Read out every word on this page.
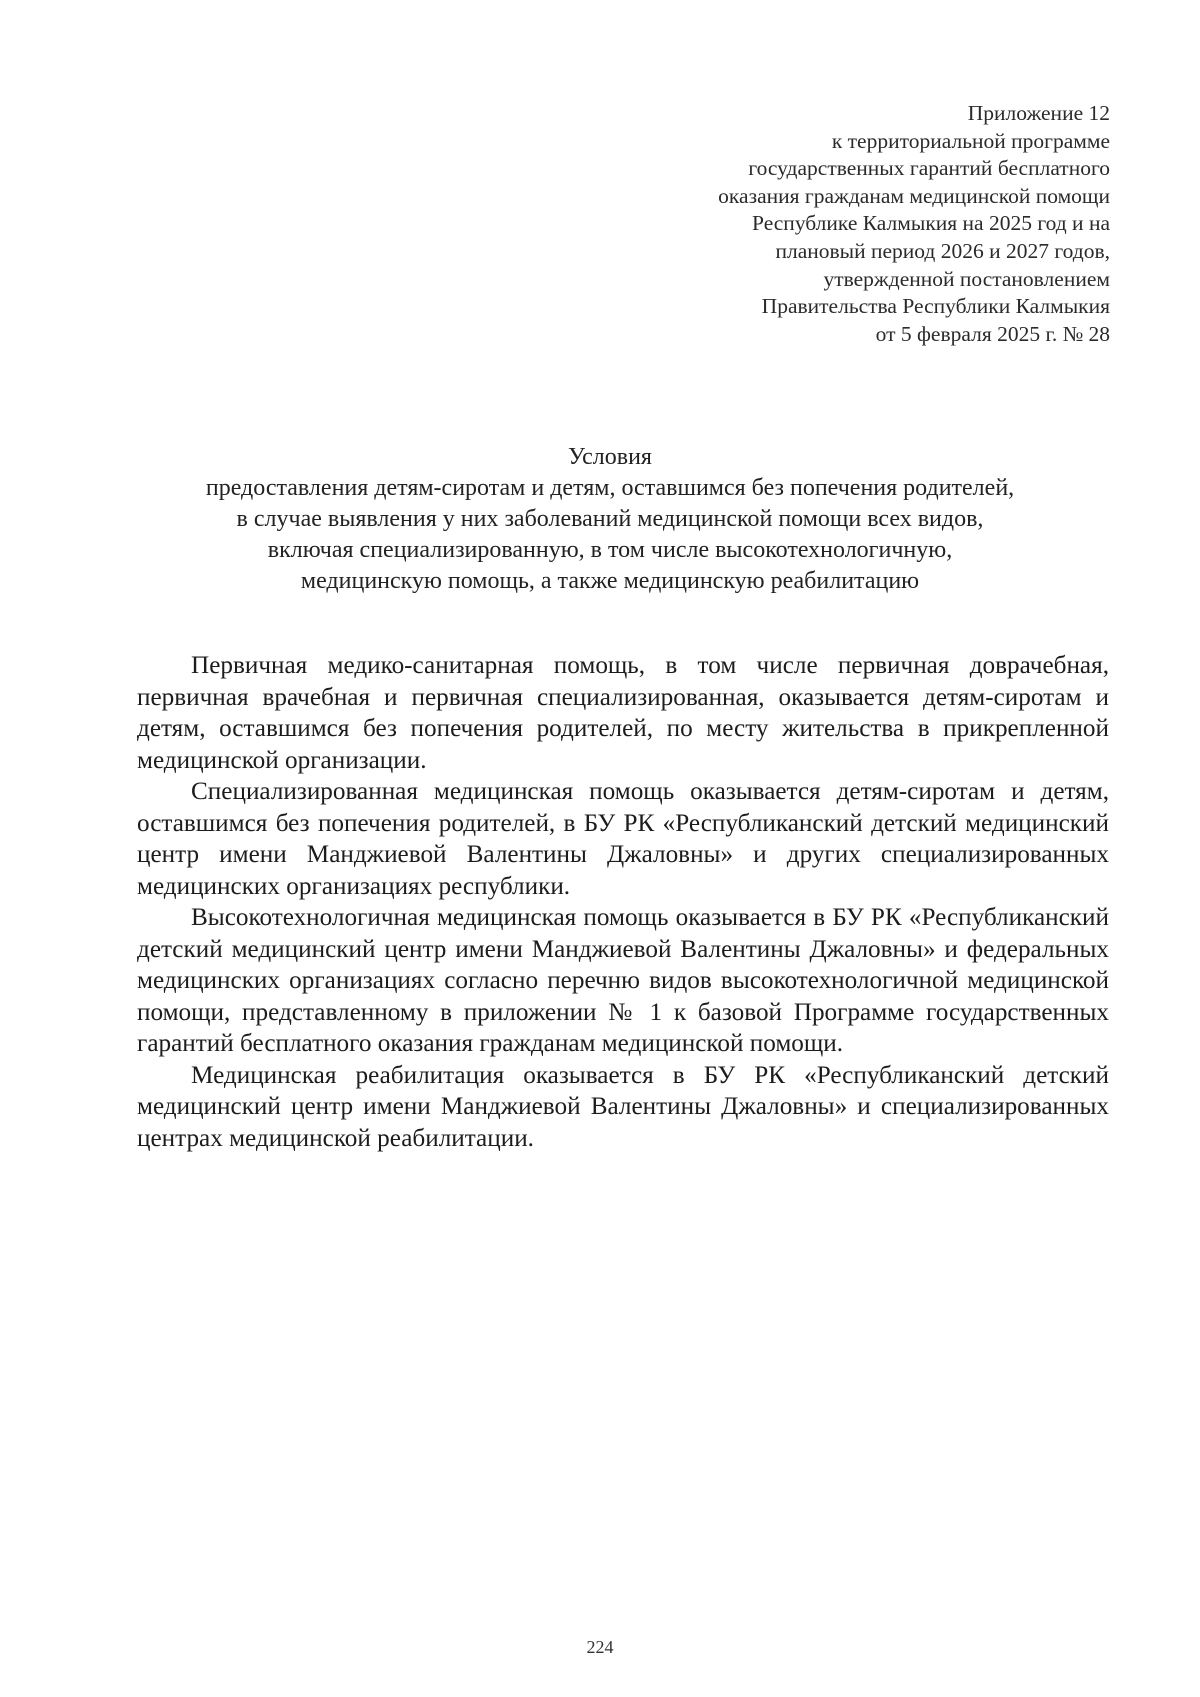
Приложение 12
к территориальной программе
государственных гарантий бесплатного
оказания гражданам медицинской помощи
Республике Калмыкия на 2025 год и на
плановый период 2026 и 2027 годов,
утвержденной постановлением
Правительства Республики Калмыкия
от 5 февраля 2025 г. № 28
Условия
предоставления детям-сиротам и детям, оставшимся без попечения родителей,
в случае выявления у них заболеваний медицинской помощи всех видов,
включая специализированную, в том числе высокотехнологичную,
медицинскую помощь, а также медицинскую реабилитацию

Первичная медико-санитарная помощь, в том числе первичная доврачебная, первичная врачебная и первичная специализированная, оказывается детям-сиротам и детям, оставшимся без попечения родителей, по месту жительства в прикрепленной медицинской организации.

Специализированная медицинская помощь оказывается детям-сиротам и детям, оставшимся без попечения родителей, в БУ РК «Республиканский детский медицинский центр имени Манджиевой Валентины Джаловны» и других специализированных медицинских организациях республики.

Высокотехнологичная медицинская помощь оказывается в БУ РК «Республиканский детский медицинский центр имени Манджиевой Валентины Джаловны» и федеральных медицинских организациях согласно перечню видов высокотехнологичной медицинской помощи, представленному в приложении № 1 к базовой Программе государственных гарантий бесплатного оказания гражданам медицинской помощи.

Медицинская реабилитация оказывается в БУ РК «Республиканский детский медицинский центр имени Манджиевой Валентины Джаловны» и специализированных центрах медицинской реабилитации.

224
